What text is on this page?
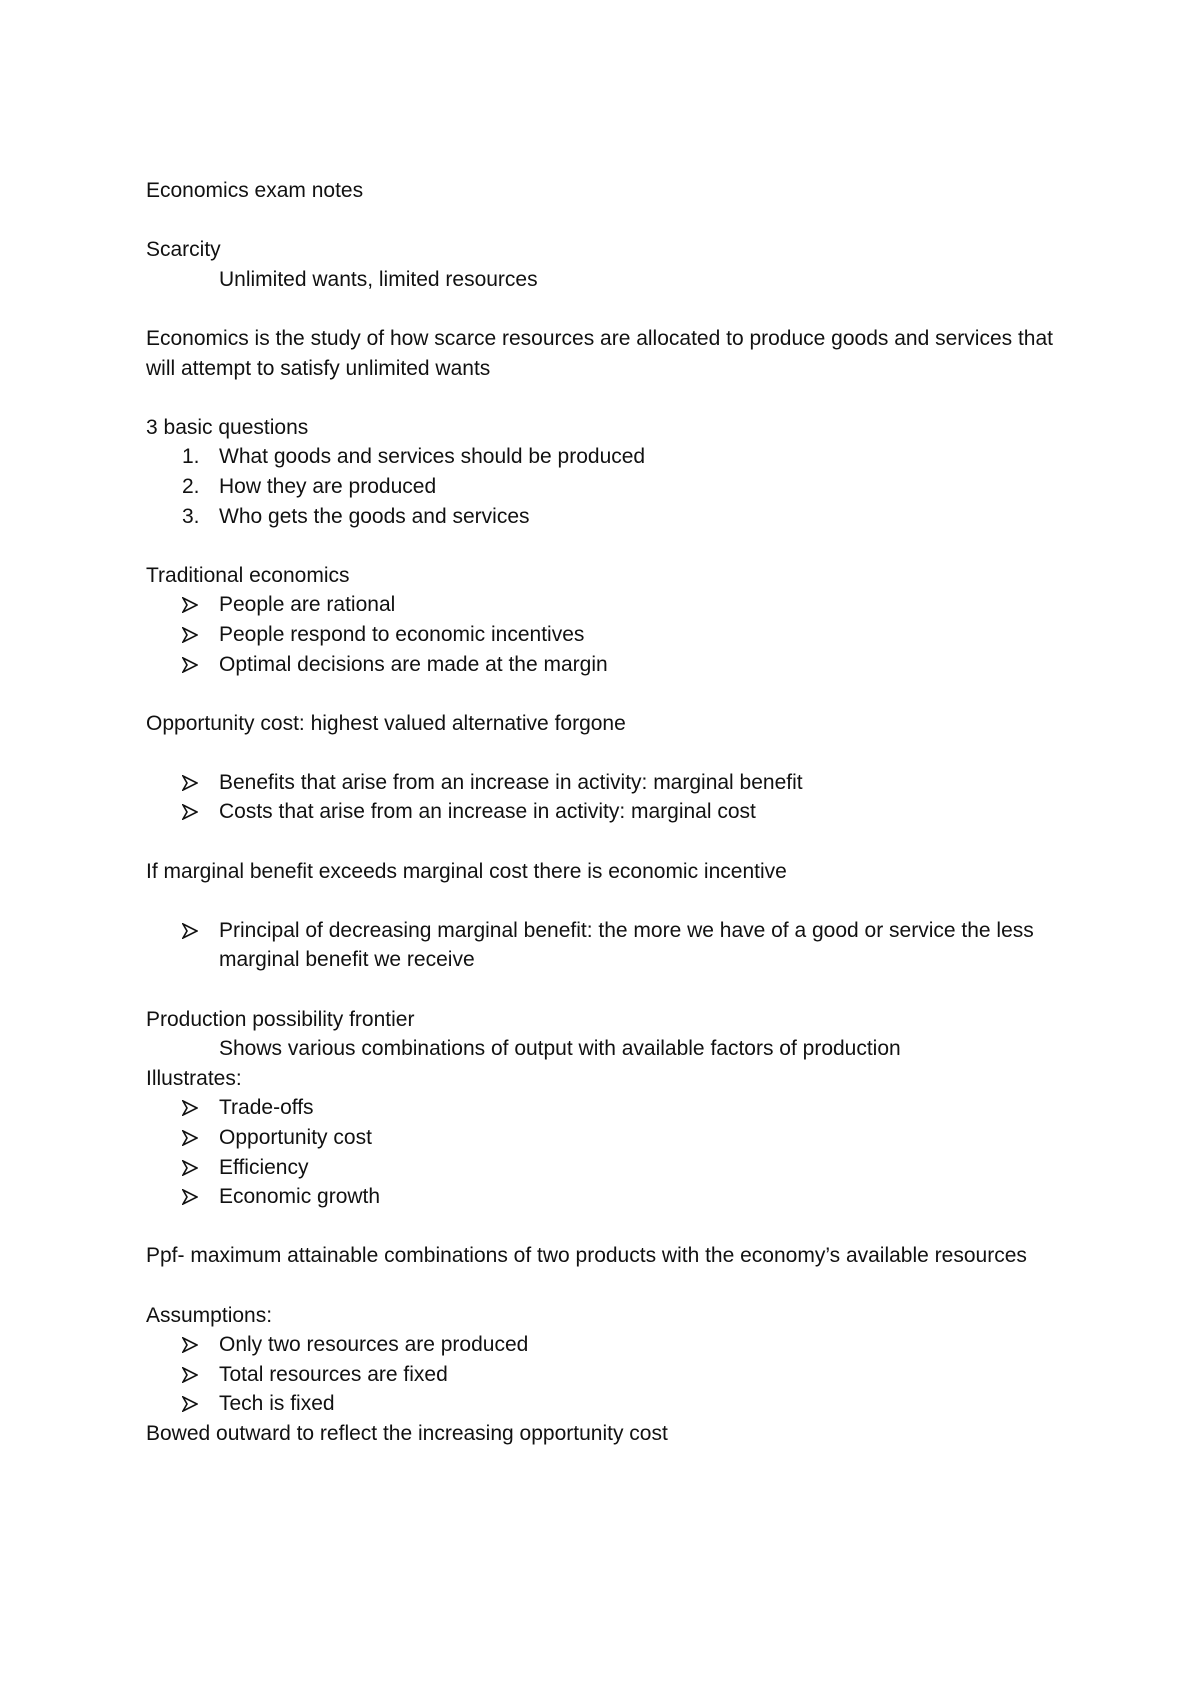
Economics exam notes
Scarcity
Unlimited wants, limited resources
Economics is the study of how scarce resources are allocated to produce goods and services that will attempt to satisfy unlimited wants
3 basic questions
1. What goods and services should be produced
2. How they are produced
3. Who gets the goods and services
Traditional economics
People are rational
People respond to economic incentives
Optimal decisions are made at the margin
Opportunity cost: highest valued alternative forgone
Benefits that arise from an increase in activity: marginal benefit
Costs that arise from an increase in activity: marginal cost
If marginal benefit exceeds marginal cost there is economic incentive
Principal of decreasing marginal benefit: the more we have of a good or service the less marginal benefit we receive
Production possibility frontier
Shows various combinations of output with available factors of production
Illustrates:
Trade-offs
Opportunity cost
Efficiency
Economic growth
Ppf- maximum attainable combinations of two products with the economy’s available resources
Assumptions:
Only two resources are produced
Total resources are fixed
Tech is fixed
Bowed outward to reflect the increasing opportunity cost
